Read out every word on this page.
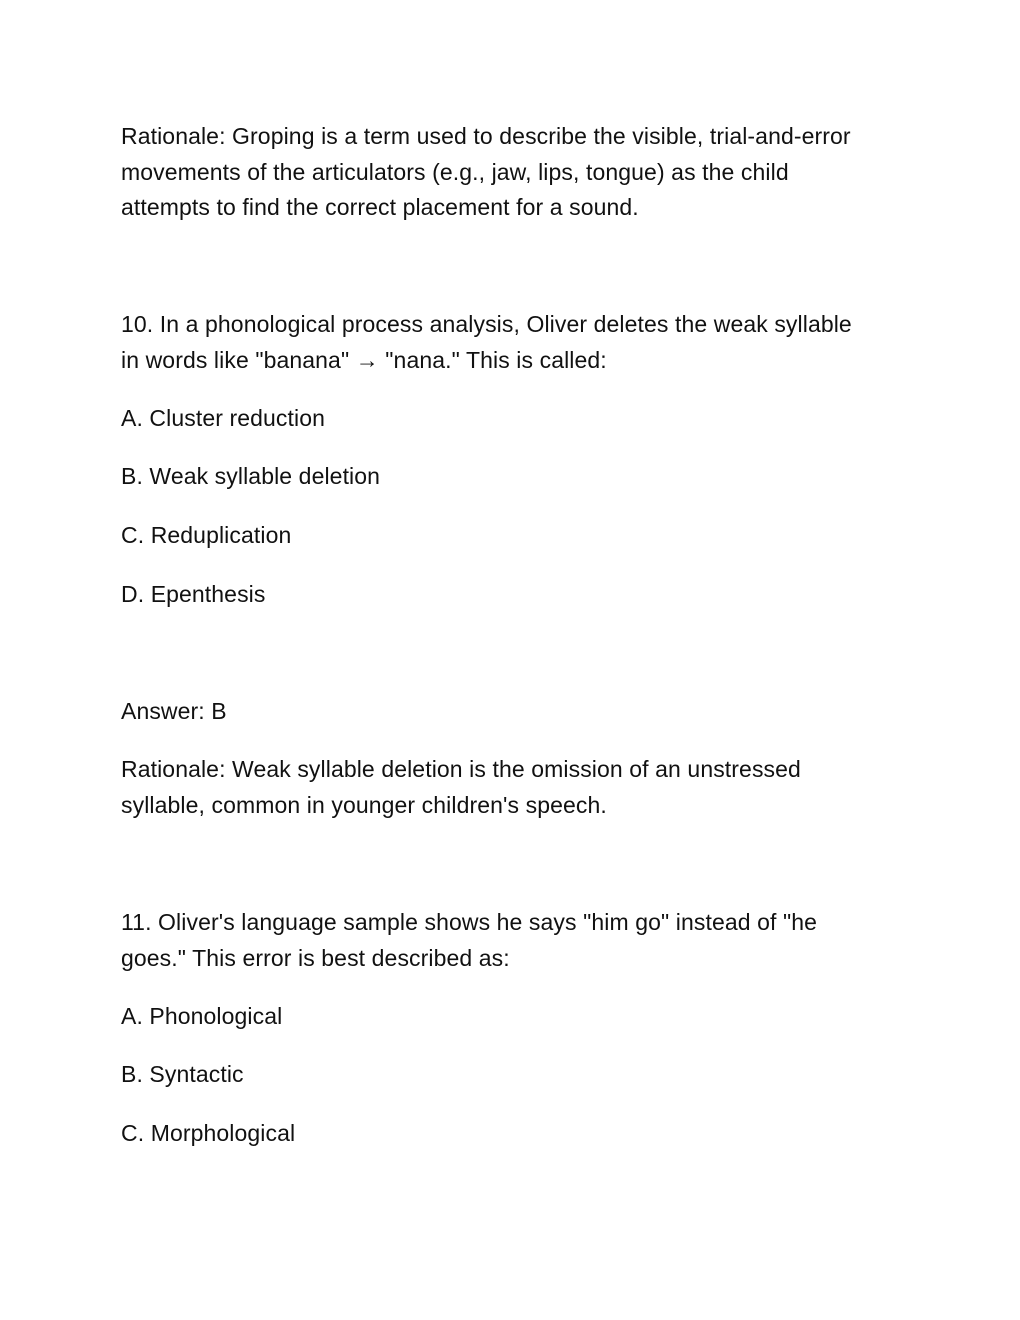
Rationale: Groping is a term used to describe the visible, trial-and-error
movements of the articulators (e.g., jaw, lips, tongue) as the child
attempts to find the correct placement for a sound.

10. In a phonological process analysis, Oliver deletes the weak syllable
in words like "banana" → "nana." This is called:

A. Cluster reduction

B. Weak syllable deletion

C. Reduplication

D. Epenthesis

Answer: B

Rationale: Weak syllable deletion is the omission of an unstressed
syllable, common in younger children's speech.

11. Oliver's language sample shows he says "him go" instead of "he
goes." This error is best described as:

A. Phonological

B. Syntactic

C. Morphological
